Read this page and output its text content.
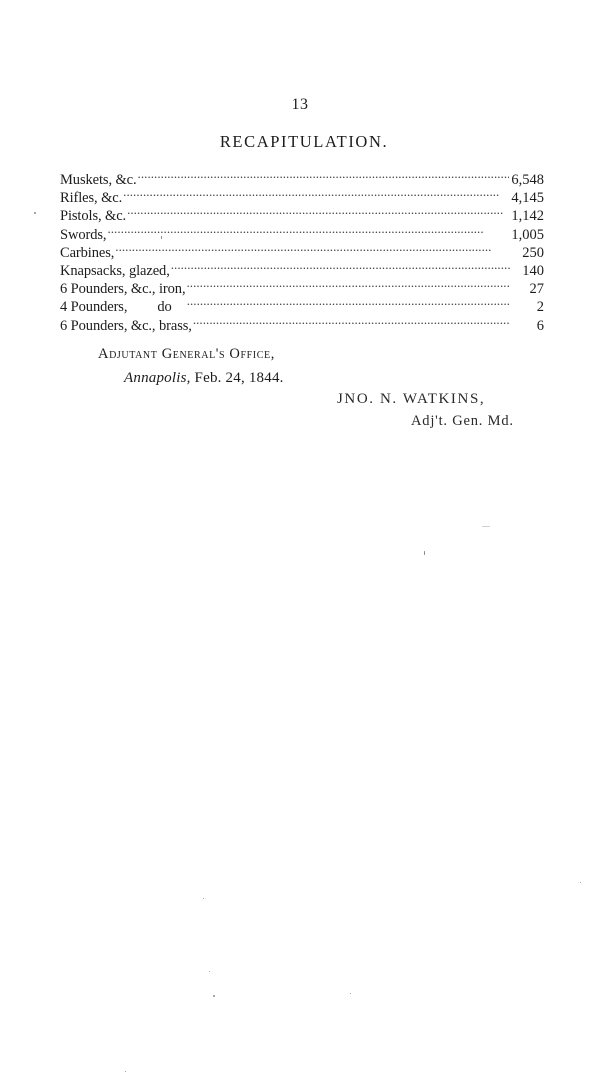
13
RECAPITULATION.
Muskets, &c. . . .	6,548
Rifles, &c. . . .	4,145
Pistols, &c. . . .	1,142
Swords, . . .	1,005
Carbines, . . .	250
Knapsacks, glazed, . . .	140
6 Pounders, &c., iron, . . .	27
4 Pounders, do . . .	2
6 Pounders, &c., brass, . . .	6
Adjutant General's Office,
Annapolis, Feb. 24, 1844.
JNO. N. WATKINS,
Adj't. Gen. Md.
